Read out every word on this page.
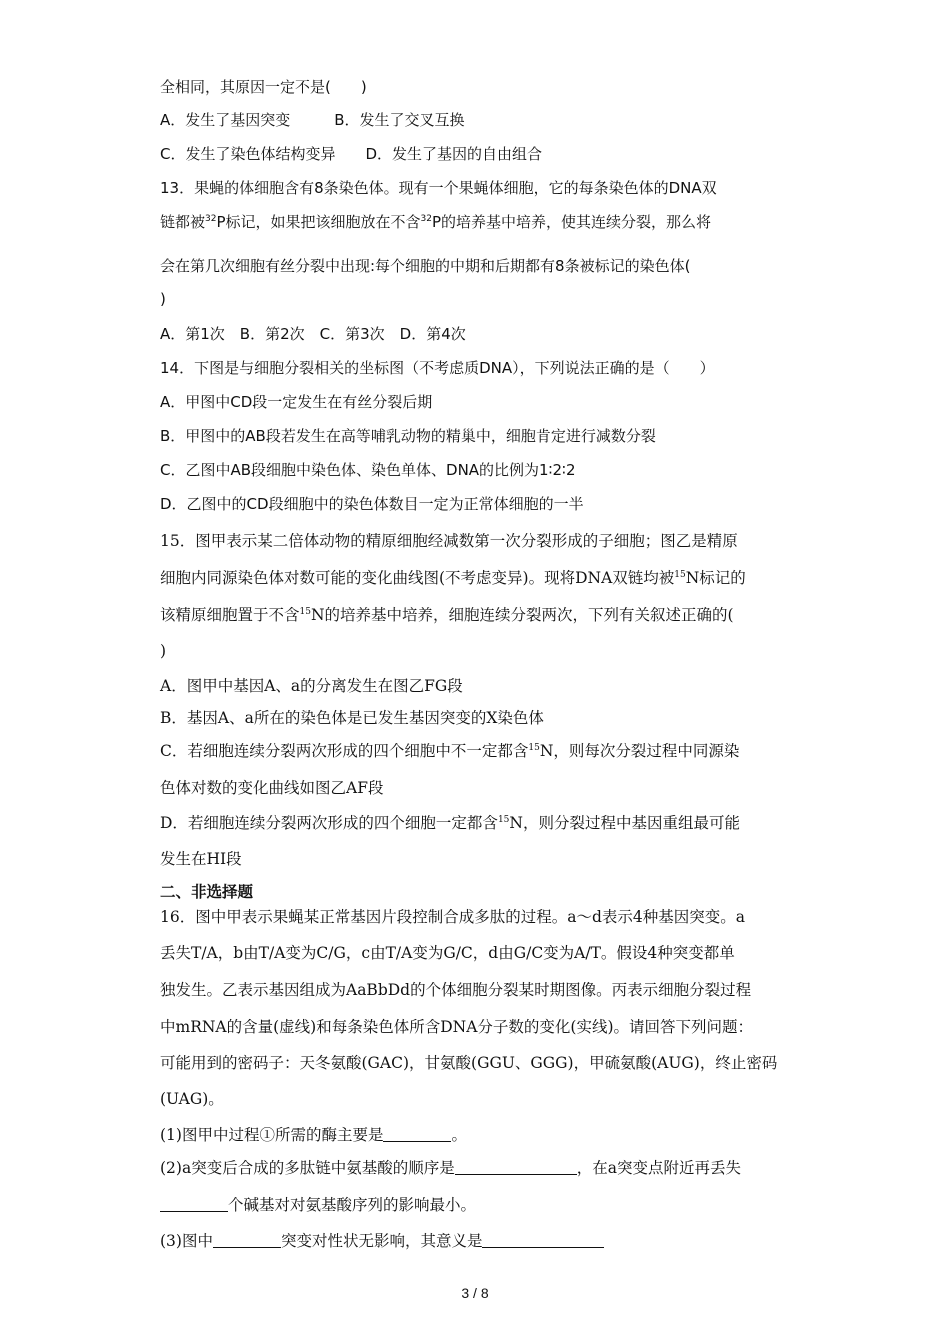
全相同，其原因一定不是(　　)
A．发生了基因突变	B．发生了交叉互换
C．发生了染色体结构变异 D．发生了基因的自由组合
13．果蝇的体细胞含有8条染色体。现有一个果蝇体细胞，它的每条染色体的DNA双
链都被$^{32}$P标记，如果把该细胞放在不含$^{32}$P的培养基中培养，使其连续分裂，那么将
会在第几次细胞有丝分裂中出现:每个细胞的中期和后期都有8条被标记的染色体(
)
A．第1次　B．第2次　C．第3次　D．第4次
14．下图是与细胞分裂相关的坐标图（不考虑质DNA），下列说法正确的是（　　）
A．甲图中CD段一定发生在有丝分裂后期
B．甲图中的AB段若发生在高等哺乳动物的精巢中，细胞肯定进行减数分裂
C．乙图中AB段细胞中染色体、染色单体、DNA的比例为1∶2∶2
D．乙图中的CD段细胞中的染色体数目一定为正常体细胞的一半
15．图甲表示某二倍体动物的精原细胞经减数第一次分裂形成的子细胞；图乙是精原
细胞内同源染色体对数可能的变化曲线图(不考虑变异)。现将DNA双链均被$^{15}$N标记的
该精原细胞置于不含$^{15}$N的培养基中培养，细胞连续分裂两次，下列有关叙述正确的(
)
A．图甲中基因A、a的分离发生在图乙FG段
B．基因A、a所在的染色体是已发生基因突变的X染色体
C．若细胞连续分裂两次形成的四个细胞中不一定都含$^{15}$N，则每次分裂过程中同源染
色体对数的变化曲线如图乙AF段
D．若细胞连续分裂两次形成的四个细胞一定都含$^{15}$N，则分裂过程中基因重组最可能
发生在HI段
二、非选择题
16．图中甲表示果蝇某正常基因片段控制合成多肽的过程。a～d表示4种基因突变。a
丢失T/A，b由T/A变为C/G，c由T/A变为G/C，d由G/C变为A/T。假设4种突变都单
独发生。乙表示基因组成为AaBbDd的个体细胞分裂某时期图像。丙表示细胞分裂过程
中mRNA的含量(虚线)和每条染色体所含DNA分子数的变化(实线)。请回答下列问题：
可能用到的密码子：天冬氨酸(GAC)，甘氨酸(GGU、GGG)，甲硫氨酸(AUG)，终止密码
(UAG)。
(1)图甲中过程①所需的酶主要是	。
(2)a突变后合成的多肽链中氨基酸的顺序是	，在a突变点附近再丢失
个碱基对对氨基酸序列的影响最小。
(3)图中	突变对性状无影响，其意义是
3 / 8
